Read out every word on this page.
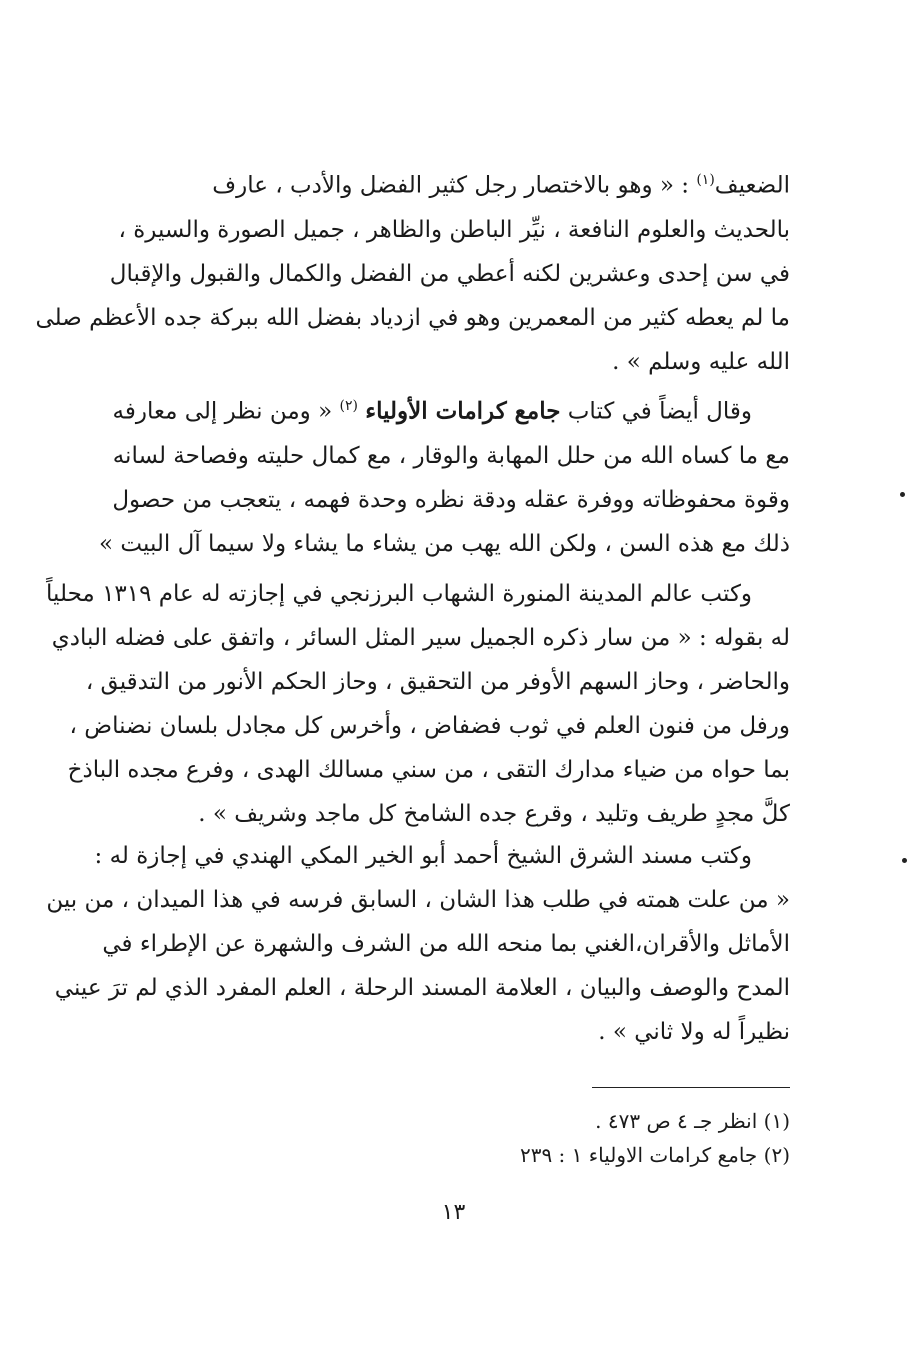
الضعيف$^{(١)}$ : « وهو بالاختصار رجل كثير الفضل والأدب ، عارف
بالحديث والعلوم النافعة ، نيِّر الباطن والظاهر ، جميل الصورة والسيرة ،
في سن إحدى وعشرين لكنه أعطي من الفضل والكمال والقبول والإقبال
ما لم يعطه كثير من المعمرين وهو في ازدياد بفضل الله ببركة جده الأعظم صلى
الله عليه وسلم » .
وقال أيضاً في كتاب جامع كرامات الأولياء $^{(٢)}$ « ومن نظر إلى معارفه
مع ما كساه الله من حلل المهابة والوقار ، مع كمال حليته وفصاحة لسانه
وقوة محفوظاته ووفرة عقله ودقة نظره وحدة فهمه ، يتعجب من حصول
ذلك مع هذه السن ، ولكن الله يهب من يشاء ما يشاء ولا سيما آل البيت »
وكتب عالم المدينة المنورة الشهاب البرزنجي في إجازته له عام ١٣١٩ محلياً
له بقوله : « من سار ذكره الجميل سير المثل السائر ، واتفق على فضله البادي
والحاضر ، وحاز السهم الأوفر من التحقيق ، وحاز الحكم الأنور من التدقيق ،
ورفل من فنون العلم في ثوب فضفاض ، وأخرس كل مجادل بلسان نضناض ،
بما حواه من ضياء مدارك التقى ، من سني مسالك الهدى ، وفرع مجده الباذخ
كلَّ مجدٍ طريف وتليد ، وقرع جده الشامخ كل ماجد وشريف » .
وكتب مسند الشرق الشيخ أحمد أبو الخير المكي الهندي في إجازة له :
« من علت همته في طلب هذا الشان ، السابق فرسه في هذا الميدان ، من بين
الأماثل والأقران،الغني بما منحه الله من الشرف والشهرة عن الإطراء في
المدح والوصف والبيان ، العلامة المسند الرحلة ، العلم المفرد الذي لم ترَ عيني
نظيراً له ولا ثاني » .
(١) انظر جـ ٤ ص ٤٧٣ .
(٢) جامع كرامات الاولياء ١ : ٢٣٩
١٣
